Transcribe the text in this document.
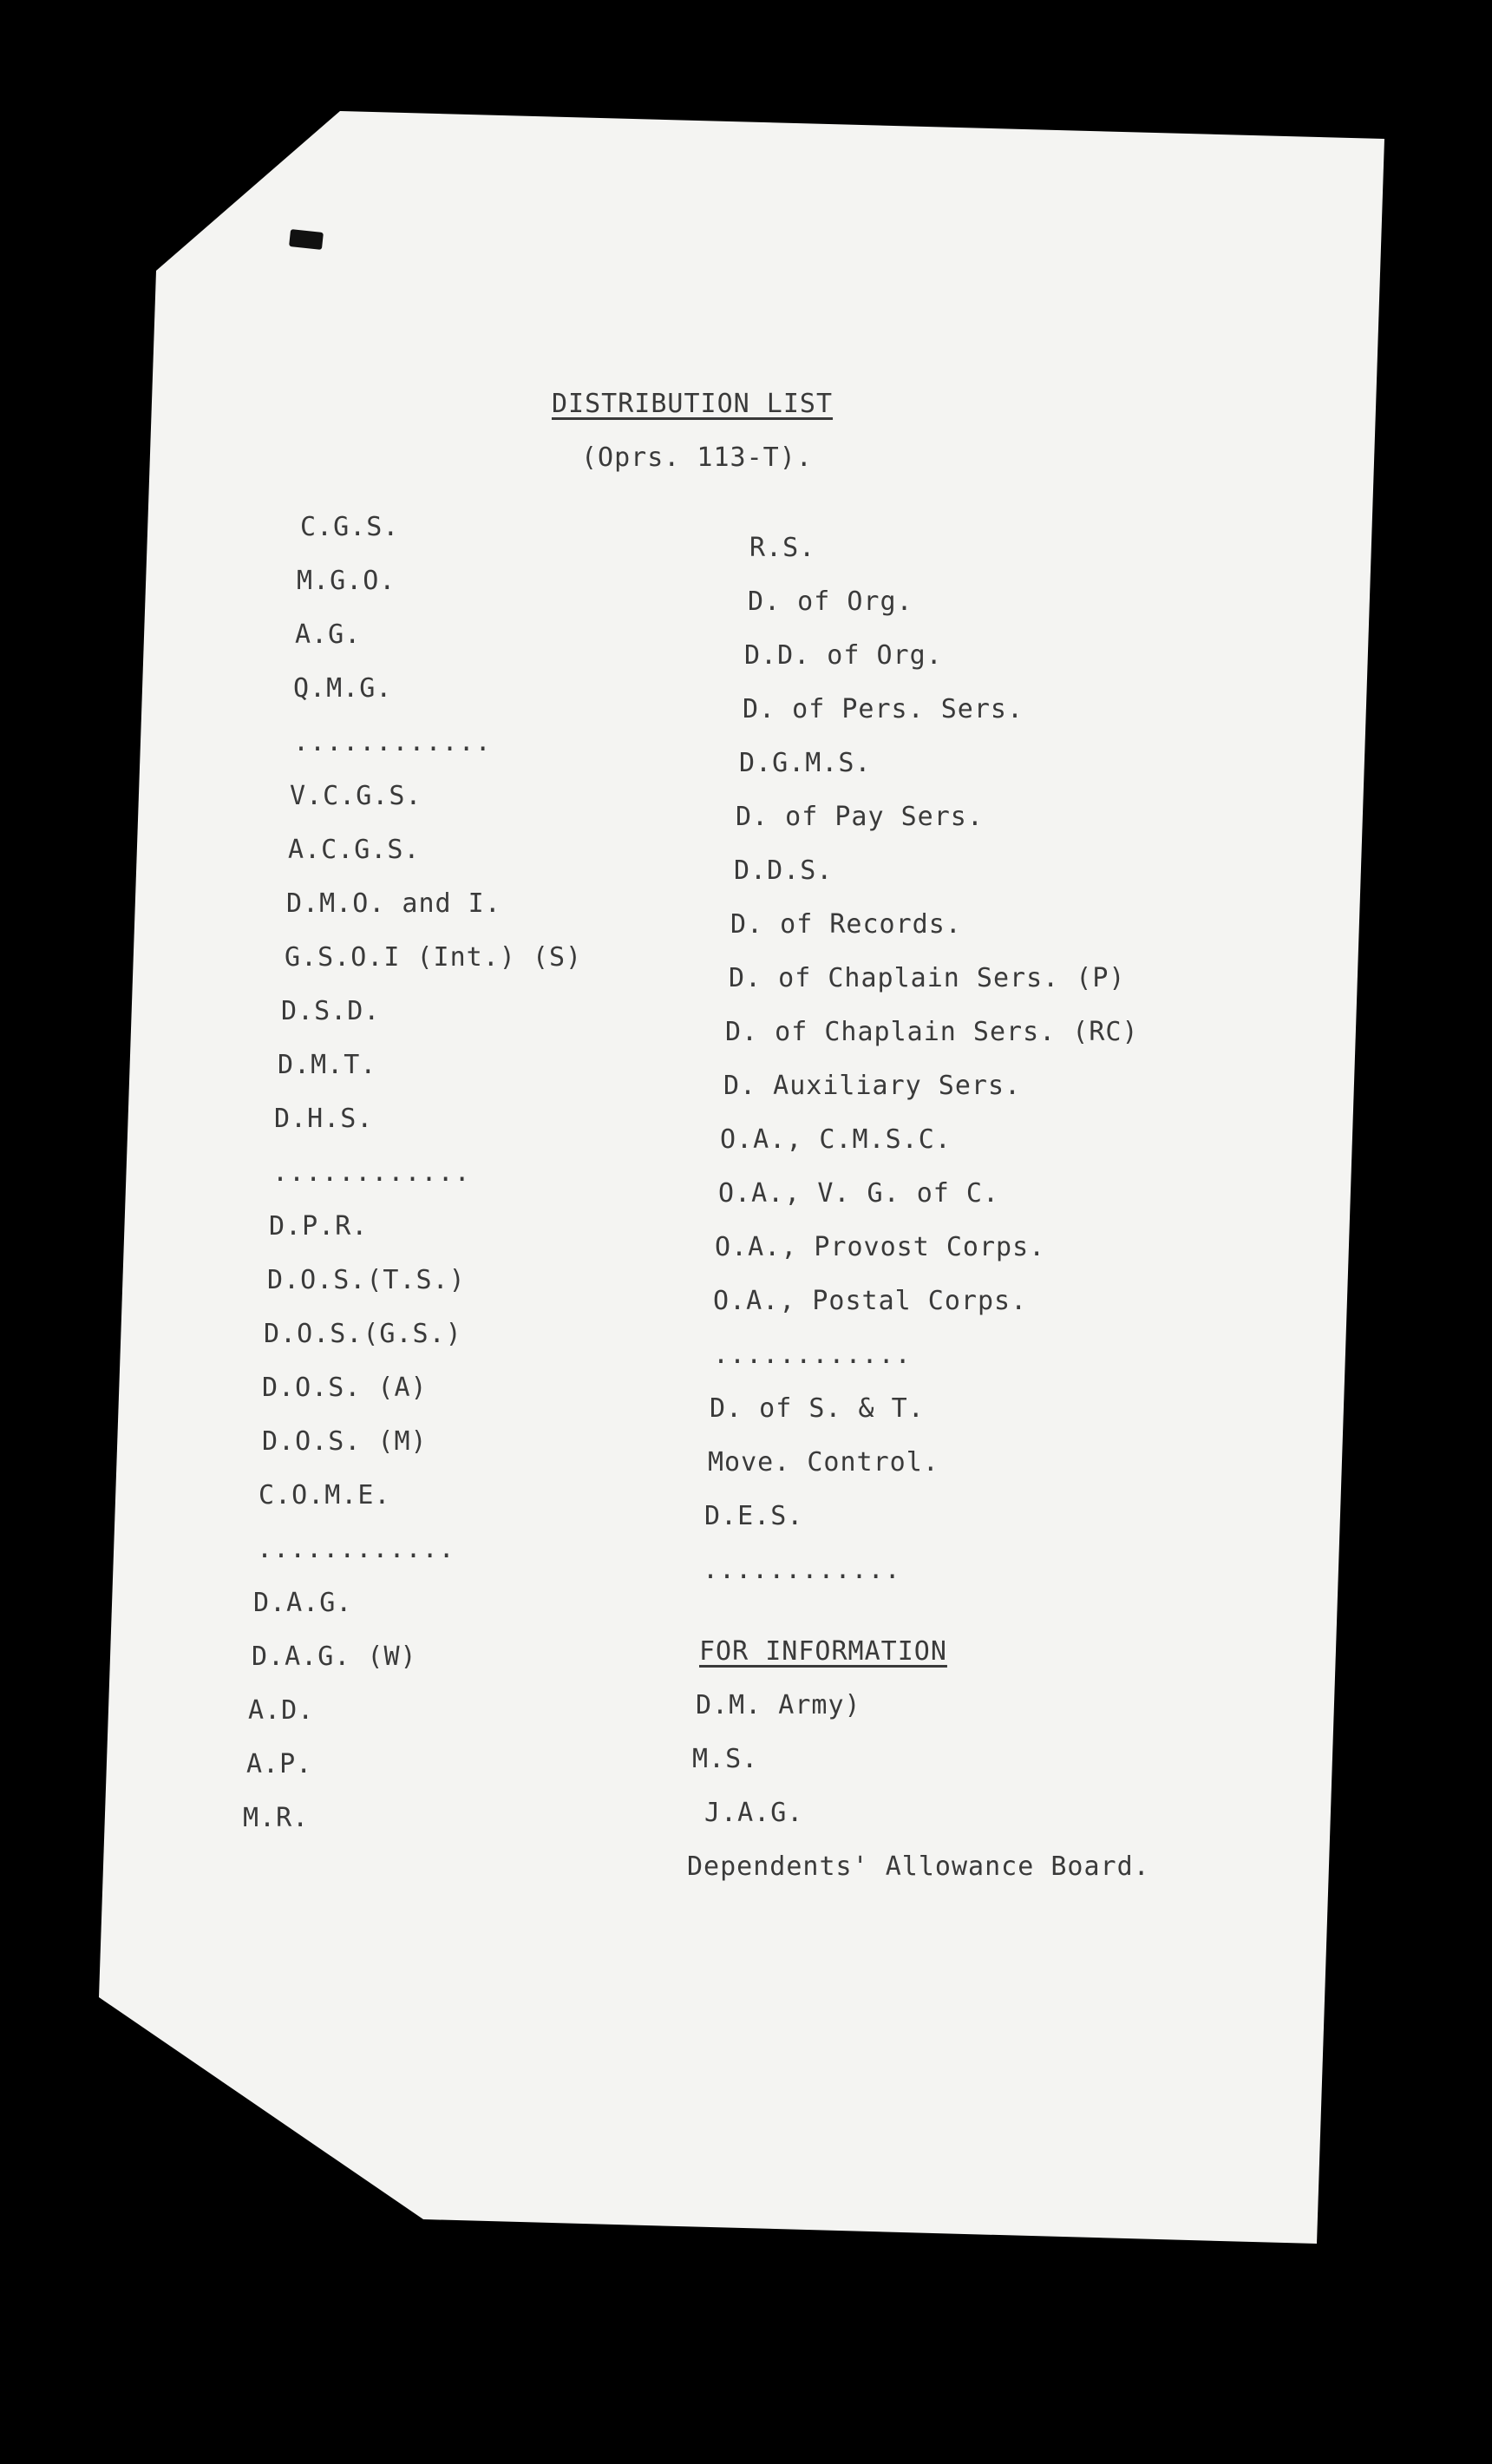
DISTRIBUTION LIST
(Oprs. 113-T).
C.G.S.
M.G.O.
A.G.
Q.M.G.
............
V.C.G.S.
A.C.G.S.
D.M.O. and I.
G.S.O.I (Int.) (S)
D.S.D.
D.M.T.
D.H.S.
............
D.P.R.
D.O.S.(T.S.)
D.O.S.(G.S.)
D.O.S. (A)
D.O.S. (M)
C.O.M.E.
............
D.A.G.
D.A.G. (W)
A.D.
A.P.
M.R.
R.S.
D. of Org.
D.D. of Org.
D. of Pers. Sers.
D.G.M.S.
D. of Pay Sers.
D.D.S.
D. of Records.
D. of Chaplain Sers. (P)
D. of Chaplain Sers. (RC)
D. Auxiliary Sers.
O.A., C.M.S.C.
O.A., V. G. of C.
O.A., Provost Corps.
O.A., Postal Corps.
............
D. of S. & T.
Move. Control.
D.E.S.
............
FOR INFORMATION
D.M. Army)
M.S.
J.A.G.
Dependents' Allowance Board.
